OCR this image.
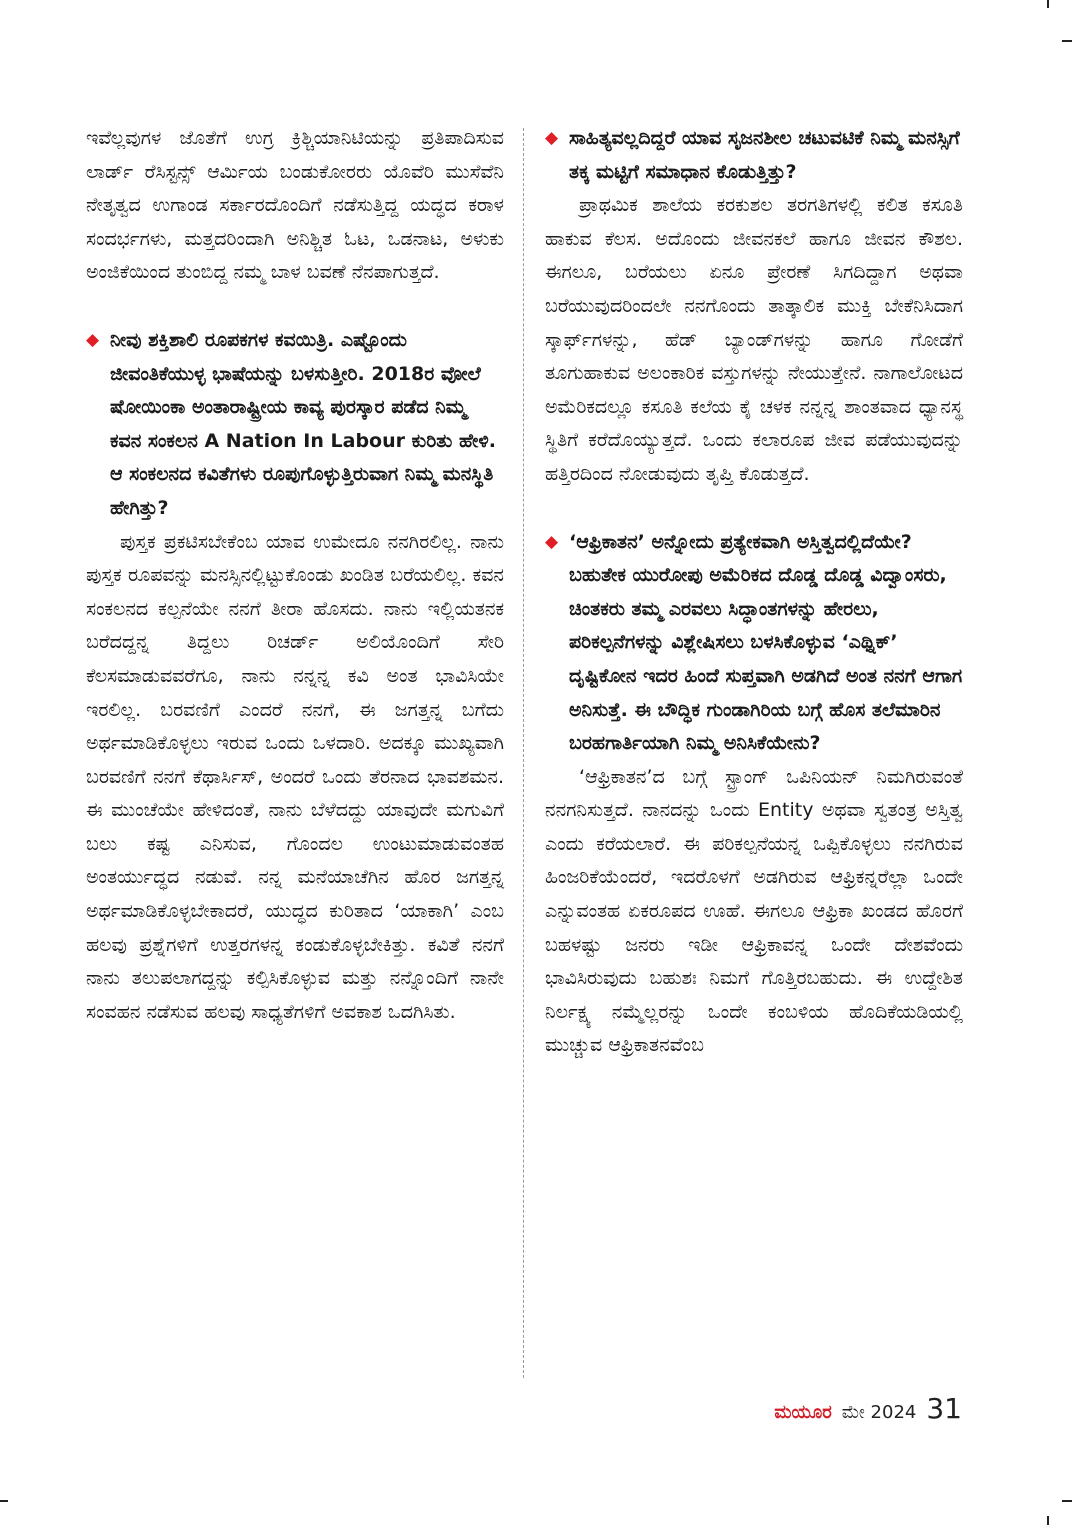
ಇವೆಲ್ಲವುಗಳ ಜೊತೆಗೆ ಉಗ್ರ ಕ್ರಿಶ್ಚಿಯಾನಿಟಿಯನ್ನು ಪ್ರತಿಪಾದಿಸುವ ಲಾರ್ಡ್ ರೆಸಿಸ್ಟನ್ಸ್ ಆರ್ಮಿಯ ಬಂಡುಕೋರರು ಯೊವೆರಿ ಮುಸೆವೆನಿ ನೇತೃತ್ವದ ಉಗಾಂಡ ಸರ್ಕಾರದೊಂದಿಗೆ ನಡೆಸುತ್ತಿದ್ದ ಯದ್ಧದ ಕರಾಳ ಸಂದರ್ಭಗಳು, ಮತ್ತದರಿಂದಾಗಿ ಅನಿಶ್ಚಿತ ಓಟ, ಒಡನಾಟ, ಅಳುಕು ಅಂಜಿಕೆಯಿಂದ ತುಂಬಿದ್ದ ನಮ್ಮ ಬಾಳ ಬವಣೆ ನೆನಪಾಗುತ್ತದೆ.

◆ ನೀವು ಶಕ್ತಿಶಾಲಿ ರೂಪಕಗಳ ಕವಯಿತ್ರಿ. ಎಷ್ಟೊಂದು ಜೀವಂತಿಕೆಯುಳ್ಳ ಭಾಷೆಯನ್ನು ಬಳಸುತ್ತೀರಿ. 2018ರ ವೋಲೆ ಷೋಯಿಂಕಾ ಅಂತಾರಾಷ್ಟ್ರೀಯ ಕಾವ್ಯ ಪುರಸ್ಕಾರ ಪಡೆದ ನಿಮ್ಮ ಕವನ ಸಂಕಲನ A Nation In Labour ಕುರಿತು ಹೇಳಿ. ಆ ಸಂಕಲನದ ಕವಿತೆಗಳು ರೂಪುಗೊಳ್ಳುತ್ತಿರುವಾಗ ನಿಮ್ಮ ಮನಸ್ಥಿತಿ ಹೇಗಿತ್ತು?

ಪುಸ್ತಕ ಪ್ರಕಟಿಸಬೇಕೆಂಬ ಯಾವ ಉಮೇದೂ ನನಗಿರಲಿಲ್ಲ. ನಾನು ಪುಸ್ತಕ ರೂಪವನ್ನು ಮನಸ್ಸಿನಲ್ಲಿಟ್ಟುಕೊಂಡು ಖಂಡಿತ ಬರೆಯಲಿಲ್ಲ. ಕವನ ಸಂಕಲನದ ಕಲ್ಪನೆಯೇ ನನಗೆ ತೀರಾ ಹೊಸದು. ನಾನು ಇಲ್ಲಿಯತನಕ ಬರೆದದ್ದನ್ನ ತಿದ್ದಲು ರಿಚರ್ಡ್ ಅಲಿಯೊಂದಿಗೆ ಸೇರಿ ಕೆಲಸಮಾಡುವವರೆಗೂ, ನಾನು ನನ್ನನ್ನ ಕವಿ ಅಂತ ಭಾವಿಸಿಯೇ ಇರಲಿಲ್ಲ. ಬರವಣಿಗೆ ಎಂದರೆ ನನಗೆ, ಈ ಜಗತ್ತನ್ನ ಬಗೆದು ಅರ್ಥಮಾಡಿಕೊಳ್ಳಲು ಇರುವ ಒಂದು ಒಳದಾರಿ. ಅದಕ್ಕೂ ಮುಖ್ಯವಾಗಿ ಬರವಣಿಗೆ ನನಗೆ ಕೆಥಾರ್ಸಿಸ್, ಅಂದರೆ ಒಂದು ತೆರನಾದ ಭಾವಶಮನ. ಈ ಮುಂಚೆಯೇ ಹೇಳಿದಂತೆ, ನಾನು ಬೆಳೆದದ್ದು ಯಾವುದೇ ಮಗುವಿಗೆ ಬಲು ಕಷ್ಟ ಎನಿಸುವ, ಗೊಂದಲ ಉಂಟುಮಾಡುವಂತಹ ಅಂತರ್ಯುದ್ಧದ ನಡುವೆ. ನನ್ನ ಮನೆಯಾಚೆಗಿನ ಹೊರ ಜಗತ್ತನ್ನ ಅರ್ಥಮಾಡಿಕೊಳ್ಳಬೇಕಾದರೆ, ಯುದ್ಧದ ಕುರಿತಾದ ‘ಯಾಕಾಗಿ’ ಎಂಬ ಹಲವು ಪ್ರಶ್ನೆಗಳಿಗೆ ಉತ್ತರಗಳನ್ನ ಕಂಡುಕೊಳ್ಳಬೇಕಿತ್ತು. ಕವಿತೆ ನನಗೆ ನಾನು ತಲುಪಲಾಗದ್ದನ್ನು ಕಲ್ಪಿಸಿಕೊಳ್ಳುವ ಮತ್ತು ನನ್ನೊಂದಿಗೆ ನಾನೇ ಸಂವಹನ ನಡೆಸುವ ಹಲವು ಸಾಧ್ಯತೆಗಳಿಗೆ ಅವಕಾಶ ಒದಗಿಸಿತು.

◆ ಸಾಹಿತ್ಯವಲ್ಲದಿದ್ದರೆ ಯಾವ ಸೃಜನಶೀಲ ಚಟುವಟಿಕೆ ನಿಮ್ಮ ಮನಸ್ಸಿಗೆ ತಕ್ಕ ಮಟ್ಟಿಗೆ ಸಮಾಧಾನ ಕೊಡುತ್ತಿತ್ತು?

ಪ್ರಾಥಮಿಕ ಶಾಲೆಯ ಕರಕುಶಲ ತರಗತಿಗಳಲ್ಲಿ ಕಲಿತ ಕಸೂತಿ ಹಾಕುವ ಕೆಲಸ. ಅದೊಂದು ಜೀವನಕಲೆ ಹಾಗೂ ಜೀವನ ಕೌಶಲ. ಈಗಲೂ, ಬರೆಯಲು ಏನೂ ಪ್ರೇರಣೆ ಸಿಗದಿದ್ದಾಗ ಅಥವಾ ಬರೆಯುವುದರಿಂದಲೇ ನನಗೊಂದು ತಾತ್ಕಾಲಿಕ ಮುಕ್ತಿ ಬೇಕೆನಿಸಿದಾಗ ಸ್ಕಾರ್ಫ್‌ಗಳನ್ನು, ಹೆಡ್ ಬ್ಯಾಂಡ್‌ಗಳನ್ನು ಹಾಗೂ ಗೋಡೆಗೆ ತೂಗುಹಾಕುವ ಅಲಂಕಾರಿಕ ವಸ್ತುಗಳನ್ನು ನೇಯುತ್ತೇನೆ. ನಾಗಾಲೋಟದ ಅಮೆರಿಕದಲ್ಲೂ ಕಸೂತಿ ಕಲೆಯ ಕೈ ಚಳಕ ನನ್ನನ್ನ ಶಾಂತವಾದ ಧ್ಯಾನಸ್ಥ ಸ್ಥಿತಿಗೆ ಕರೆದೊಯ್ಯುತ್ತದೆ. ಒಂದು ಕಲಾರೂಪ ಜೀವ ಪಡೆಯುವುದನ್ನು ಹತ್ತಿರದಿಂದ ನೋಡುವುದು ತೃಪ್ತಿ ಕೊಡುತ್ತದೆ.

◆ ‘ಆಫ್ರಿಕಾತನ’ ಅನ್ನೋದು ಪ್ರತ್ಯೇಕವಾಗಿ ಅಸ್ತಿತ್ವದಲ್ಲಿದೆಯೇ? ಬಹುತೇಕ ಯುರೋಪು ಅಮೆರಿಕದ ದೊಡ್ಡ ದೊಡ್ಡ ವಿದ್ವಾಂಸರು, ಚಿಂತಕರು ತಮ್ಮ ಎರವಲು ಸಿದ್ಧಾಂತಗಳನ್ನು ಹೇರಲು, ಪರಿಕಲ್ಪನೆಗಳನ್ನು ವಿಶ್ಲೇಷಿಸಲು ಬಳಸಿಕೊಳ್ಳುವ ‘ಎಥ್ನಿಕ್’ ದೃಷ್ಟಿಕೋನ ಇದರ ಹಿಂದೆ ಸುಪ್ತವಾಗಿ ಅಡಗಿದೆ ಅಂತ ನನಗೆ ಆಗಾಗ ಅನಿಸುತ್ತೆ. ಈ ಬೌದ್ಧಿಕ ಗುಂಡಾಗಿರಿಯ ಬಗ್ಗೆ ಹೊಸ ತಲೆಮಾರಿನ ಬರಹಗಾರ್ತಿಯಾಗಿ ನಿಮ್ಮ ಅನಿಸಿಕೆಯೇನು?

‘ಆಫ್ರಿಕಾತನ’ದ ಬಗ್ಗೆ ಸ್ಟ್ರಾಂಗ್ ಒಪಿನಿಯನ್ ನಿಮಗಿರುವಂತೆ ನನಗನಿಸುತ್ತದೆ. ನಾನದನ್ನು ಒಂದು Entity ಅಥವಾ ಸ್ವತಂತ್ರ ಅಸ್ತಿತ್ವ ಎಂದು ಕರೆಯಲಾರೆ. ಈ ಪರಿಕಲ್ಪನೆಯನ್ನ ಒಪ್ಪಿಕೊಳ್ಳಲು ನನಗಿರುವ ಹಿಂಜರಿಕೆಯೆಂದರೆ, ಇದರೊಳಗೆ ಅಡಗಿರುವ ಆಫ್ರಿಕನ್ನರೆಲ್ಲಾ ಒಂದೇ ಎನ್ನುವಂತಹ ಏಕರೂಪದ ಊಹೆ. ಈಗಲೂ ಆಫ್ರಿಕಾ ಖಂಡದ ಹೊರಗೆ ಬಹಳಷ್ಟು ಜನರು ಇಡೀ ಆಫ್ರಿಕಾವನ್ನ ಒಂದೇ ದೇಶವೆಂದು ಭಾವಿಸಿರುವುದು ಬಹುಶಃ ನಿಮಗೆ ಗೊತ್ತಿರಬಹುದು. ಈ ಉದ್ದೇಶಿತ ನಿರ್ಲಕ್ಷ್ಯ ನಮ್ಮೆಲ್ಲರನ್ನು ಒಂದೇ ಕಂಬಳಿಯ ಹೊದಿಕೆಯಡಿಯಲ್ಲಿ ಮುಚ್ಚುವ ಆಫ್ರಿಕಾತನವೆಂಬ

ಮಯೂರ ಮೇ 2024 31
